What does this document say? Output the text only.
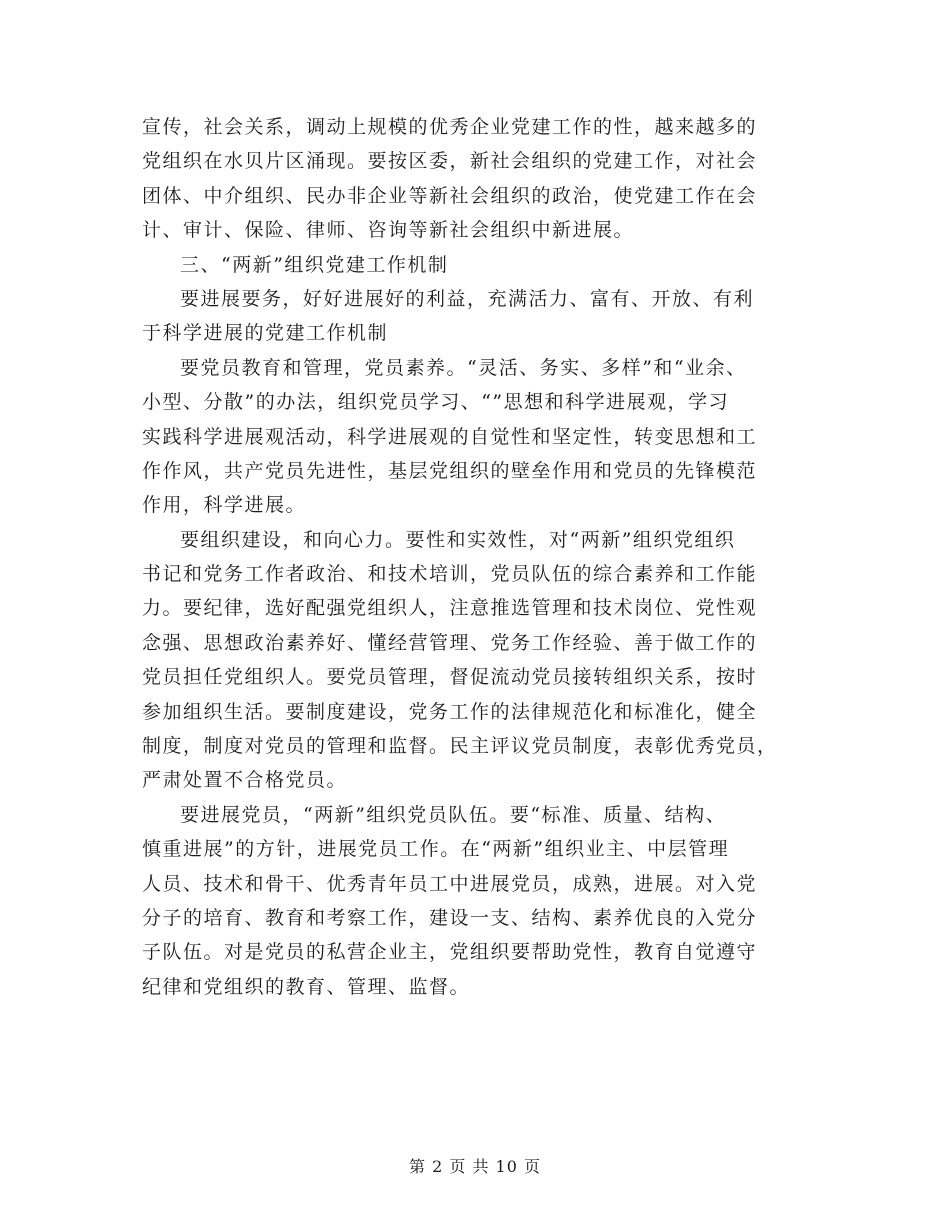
宣传，社会关系，调动上规模的优秀企业党建工作的性，越来越多的
党组织在水贝片区涌现。要按区委，新社会组织的党建工作，对社会
团体、中介组织、民办非企业等新社会组织的政治，使党建工作在会
计、审计、保险、律师、咨询等新社会组织中新进展。
三、“两新”组织党建工作机制
要进展要务，好好进展好的利益，充满活力、富有、开放、有利
于科学进展的党建工作机制
要党员教育和管理，党员素养。“灵活、务实、多样”和“业余、
小型、分散”的办法，组织党员学习、“”思想和科学进展观，学习
实践科学进展观活动，科学进展观的自觉性和坚定性，转变思想和工
作作风，共产党员先进性，基层党组织的壁垒作用和党员的先锋模范
作用，科学进展。
要组织建设，和向心力。要性和实效性，对“两新”组织党组织
书记和党务工作者政治、和技术培训，党员队伍的综合素养和工作能
力。要纪律，选好配强党组织人，注意推选管理和技术岗位、党性观
念强、思想政治素养好、懂经营管理、党务工作经验、善于做工作的
党员担任党组织人。要党员管理，督促流动党员接转组织关系，按时
参加组织生活。要制度建设，党务工作的法律规范化和标准化，健全
制度，制度对党员的管理和监督。民主评议党员制度，表彰优秀党员，
严肃处置不合格党员。
要进展党员，“两新”组织党员队伍。要“标准、质量、结构、
慎重进展”的方针，进展党员工作。在“两新”组织业主、中层管理
人员、技术和骨干、优秀青年员工中进展党员，成熟，进展。对入党
分子的培育、教育和考察工作，建设一支、结构、素养优良的入党分
子队伍。对是党员的私营企业主，党组织要帮助党性，教育自觉遵守
纪律和党组织的教育、管理、监督。
第 2 页 共 10 页
